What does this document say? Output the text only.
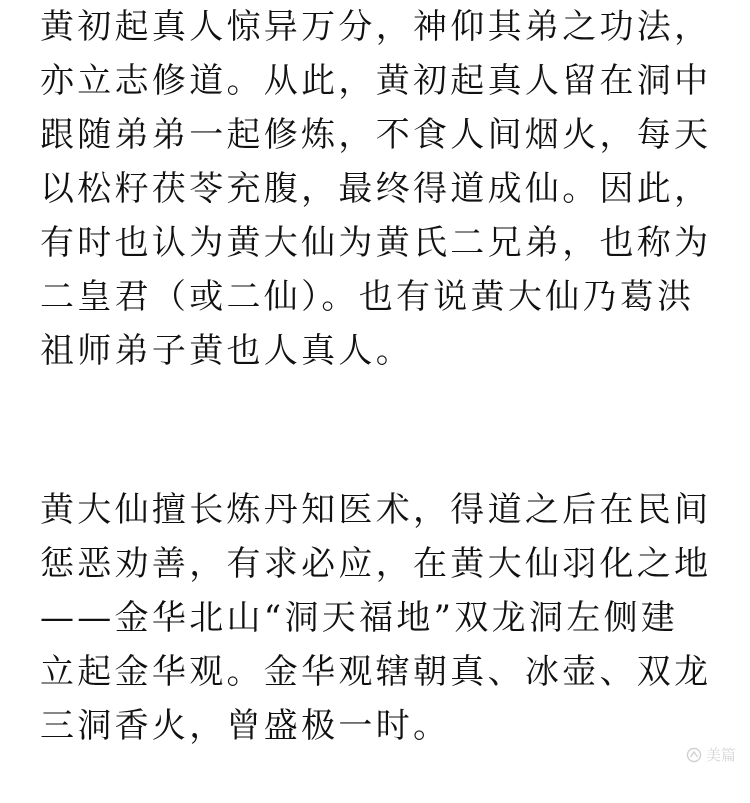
黄初起真人惊异万分，神仰其弟之功法，
亦立志修道。从此，黄初起真人留在洞中
跟随弟弟一起修炼，不食人间烟火，每天
以松籽茯苓充腹，最终得道成仙。因此，
有时也认为黄大仙为黄氏二兄弟，也称为
二皇君（或二仙）。也有说黄大仙乃葛洪
祖师弟子黄也人真人。
黄大仙擅长炼丹知医术，得道之后在民间
惩恶劝善，有求必应，在黄大仙羽化之地
——金华北山“洞天福地”双龙洞左侧建
立起金华观。金华观辖朝真、冰壶、双龙
三洞香火，曾盛极一时。
美篇
